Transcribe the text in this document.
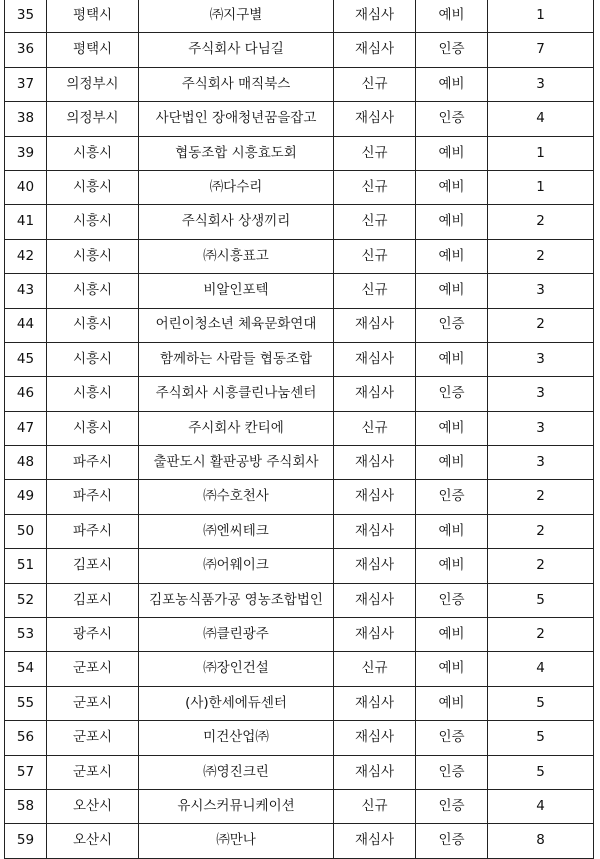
35	평택시	㈜지구별	재심사	예비	1
36	평택시	주식회사 다님길	재심사	인증	7
37	의정부시	주식회사 매직북스	신규	예비	3
38	의정부시	사단법인 장애청년꿈을잡고	재심사	인증	4
39	시흥시	협동조합 시흥효도회	신규	예비	1
40	시흥시	㈜다수리	신규	예비	1
41	시흥시	주식회사 상생끼리	신규	예비	2
42	시흥시	㈜시흥표고	신규	예비	2
43	시흥시	비알인포텍	신규	예비	3
44	시흥시	어린이청소년 체육문화연대	재심사	인증	2
45	시흥시	함께하는 사람들 협동조합	재심사	예비	3
46	시흥시	주식회사 시흥클린나눔센터	재심사	인증	3
47	시흥시	주시회사 칸티에	신규	예비	3
48	파주시	출판도시 활판공방 주식회사	재심사	예비	3
49	파주시	㈜수호천사	재심사	인증	2
50	파주시	㈜엔씨테크	재심사	예비	2
51	김포시	㈜어웨이크	재심사	예비	2
52	김포시	김포농식품가공 영농조합법인	재심사	인증	5
53	광주시	㈜클린광주	재심사	예비	2
54	군포시	㈜장인건설	신규	예비	4
55	군포시	(사)한세에듀센터	재심사	예비	5
56	군포시	미건산업㈜	재심사	인증	5
57	군포시	㈜영진크린	재심사	인증	5
58	오산시	유시스커뮤니케이션	신규	인증	4
59	오산시	㈜만나	재심사	인증	8
